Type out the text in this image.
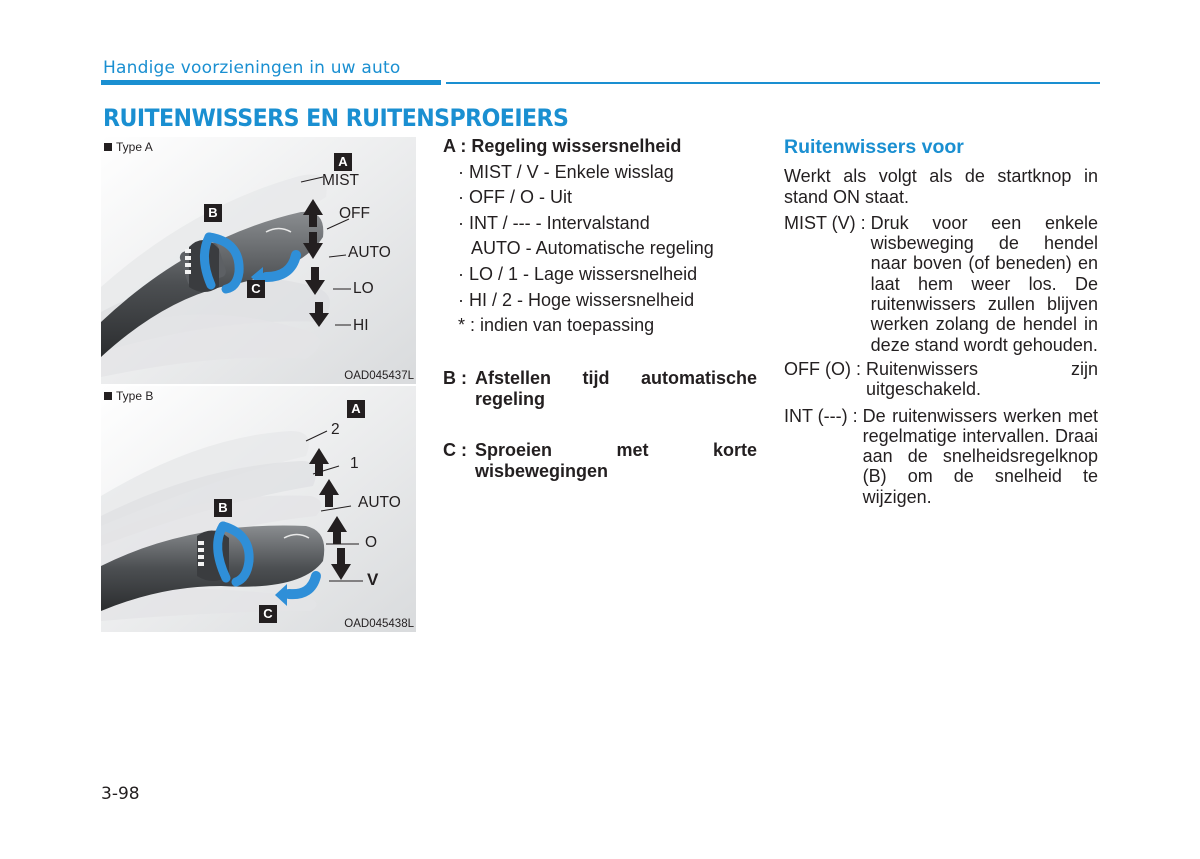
Handige voorzieningen in uw auto
RUITENWISSERS EN RUITENSPROEIERS
Type A
A
B
C
MIST
OFF
AUTO
LO
HI
OAD045437L
Type B
A
B
C
2
1
AUTO
O
V
OAD045438L
A : Regeling wissersnelheid
· MIST / V - Enkele wisslag
· OFF / O - Uit
· INT / --- - Intervalstand
AUTO - Automatische regeling
· LO / 1 - Lage wissersnelheid
· HI / 2 - Hoge wissersnelheid
* : indien van toepassing
B : Afstellen tijd automatische
regeling
C : Sproeien met korte
wisbewegingen
Ruitenwissers voor
Werkt als volgt als de startknop in stand ON staat.
MIST (V) : Druk voor een enkele wisbeweging de hendel naar boven (of beneden) en laat hem weer los. De ruitenwissers zullen blijven werken zolang de hendel in deze stand wordt gehouden.
OFF (O) : Ruitenwissers zijn uitgeschakeld.
INT (---) : De ruitenwissers werken met regelmatige intervallen. Draai aan de snelheidsregelknop (B) om de snelheid te wijzigen.
3-98
